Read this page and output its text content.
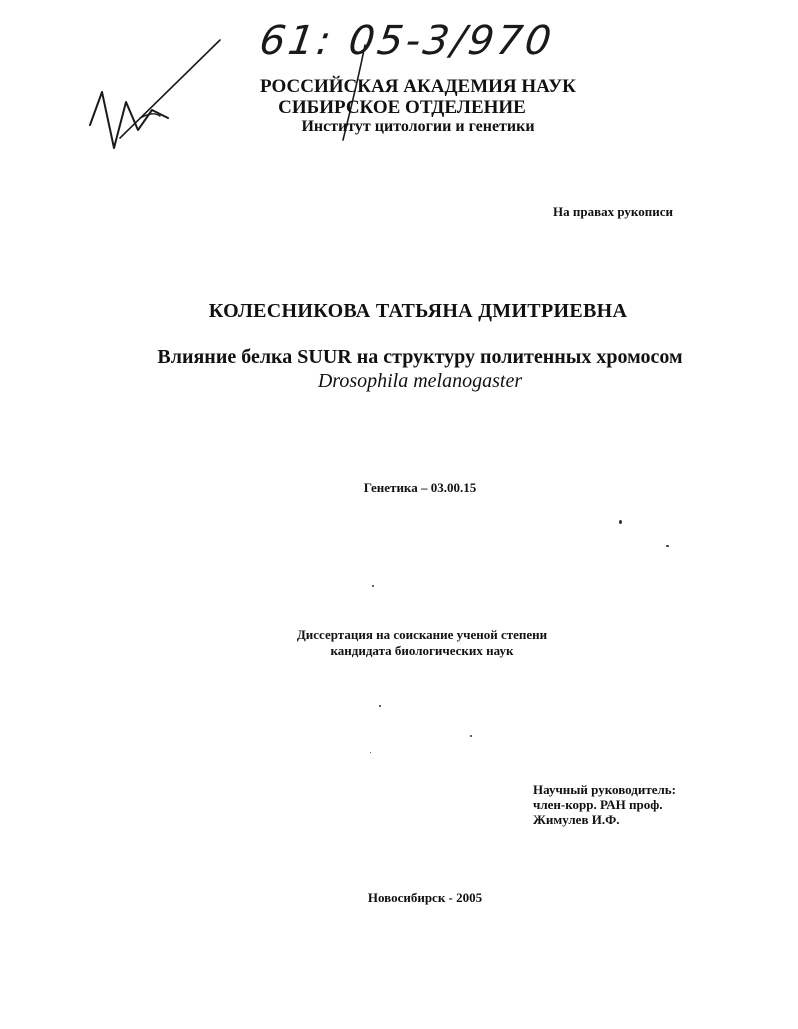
61: 05-3/970
РОССИЙСКАЯ АКАДЕМИЯ НАУК
СИБИРСКОЕ ОТДЕЛЕНИЕ
Институт цитологии и генетики
На правах рукописи
КОЛЕСНИКОВА ТАТЬЯНА ДМИТРИЕВНА
Влияние белка SUUR на структуру политенных хромосом
Drosophila melanogaster
Генетика – 03.00.15
Диссертация на соискание ученой степени
кандидата биологических наук
Научный руководитель:
член-корр. РАН проф.
Жимулев И.Ф.
Новосибирск - 2005
